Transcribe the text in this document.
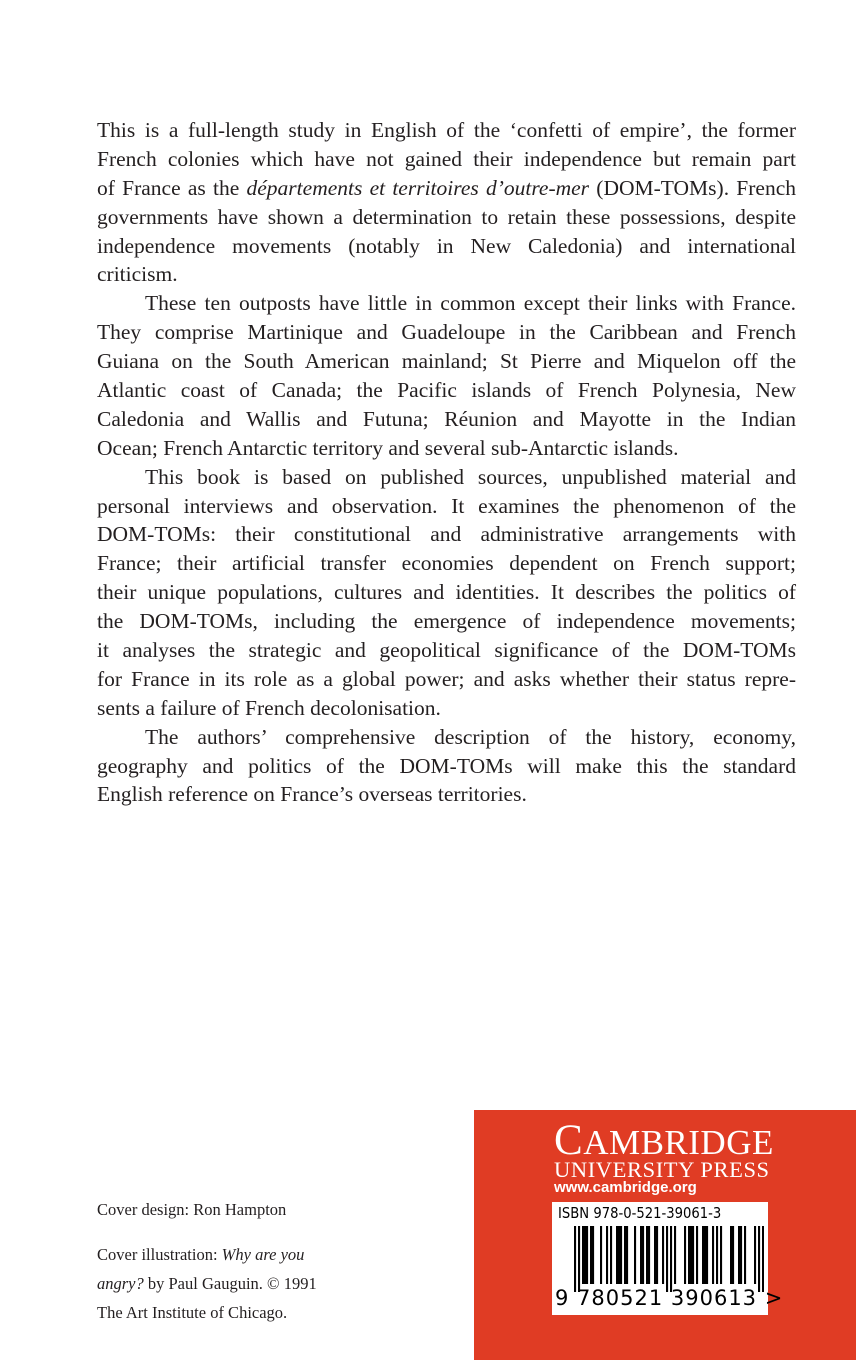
This is a full-length study in English of the ‘confetti of empire’, the former
French colonies which have not gained their independence but remain part
of France as the départements et territoires d’outre-mer (DOM-TOMs). French
governments have shown a determination to retain these possessions, despite
independence movements (notably in New Caledonia) and international
criticism.
These ten outposts have little in common except their links with France.
They comprise Martinique and Guadeloupe in the Caribbean and French
Guiana on the South American mainland; St Pierre and Miquelon off the
Atlantic coast of Canada; the Pacific islands of French Polynesia, New
Caledonia and Wallis and Futuna; Réunion and Mayotte in the Indian
Ocean; French Antarctic territory and several sub-Antarctic islands.
This book is based on published sources, unpublished material and
personal interviews and observation. It examines the phenomenon of the
DOM-TOMs: their constitutional and administrative arrangements with
France; their artificial transfer economies dependent on French support;
their unique populations, cultures and identities. It describes the politics of
the DOM-TOMs, including the emergence of independence movements;
it analyses the strategic and geopolitical significance of the DOM-TOMs
for France in its role as a global power; and asks whether their status repre-
sents a failure of French decolonisation.
The authors’ comprehensive description of the history, economy,
geography and politics of the DOM-TOMs will make this the standard
English reference on France’s overseas territories.
Cover design: Ron Hampton
Cover illustration: Why are you
angry? by Paul Gauguin. © 1991
The Art Institute of Chicago.
CAMBRIDGE
UNIVERSITY PRESS
www.cambridge.org
ISBN 978-0-521-39061-3
9 780521 390613 >
